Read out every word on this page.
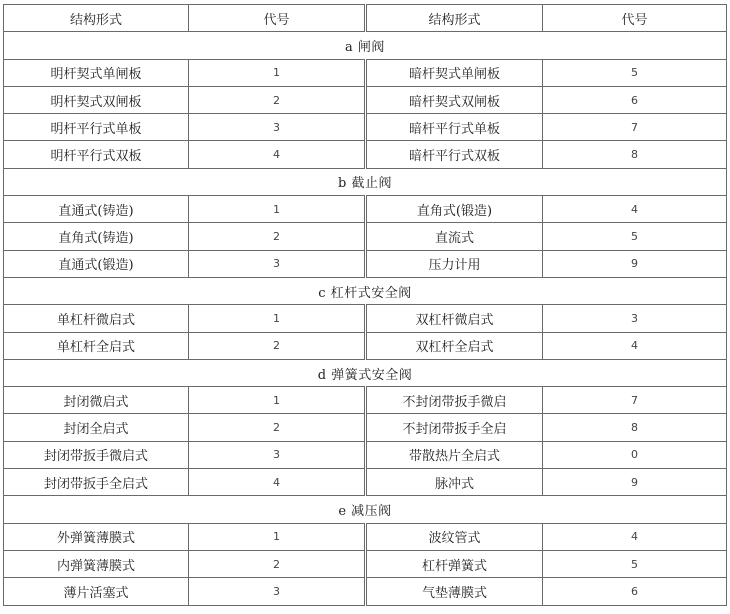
结构形式	代号	结构形式	代号
a 闸阀			
明杆契式单闸板	1	暗杆契式单闸板	5
明杆契式双闸板	2	暗杆契式双闸板	6
明杆平行式单板	3	暗杆平行式单板	7
明杆平行式双板	4	暗杆平行式双板	8
b 截止阀			
直通式(铸造)	1	直角式(锻造)	4
直角式(铸造)	2	直流式	5
直通式(锻造)	3	压力计用	9
c 杠杆式安全阀			
单杠杆微启式	1	双杠杆微启式	3
单杠杆全启式	2	双杠杆全启式	4
d 弹簧式安全阀			
封闭微启式	1	不封闭带扳手微启	7
封闭全启式	2	不封闭带扳手全启	8
封闭带扳手微启式	3	带散热片全启式	0
封闭带扳手全启式	4	脉冲式	9
e 减压阀			
外弹簧薄膜式	1	波纹管式	4
内弹簧薄膜式	2	杠杆弹簧式	5
薄片活塞式	3	气垫薄膜式	6
